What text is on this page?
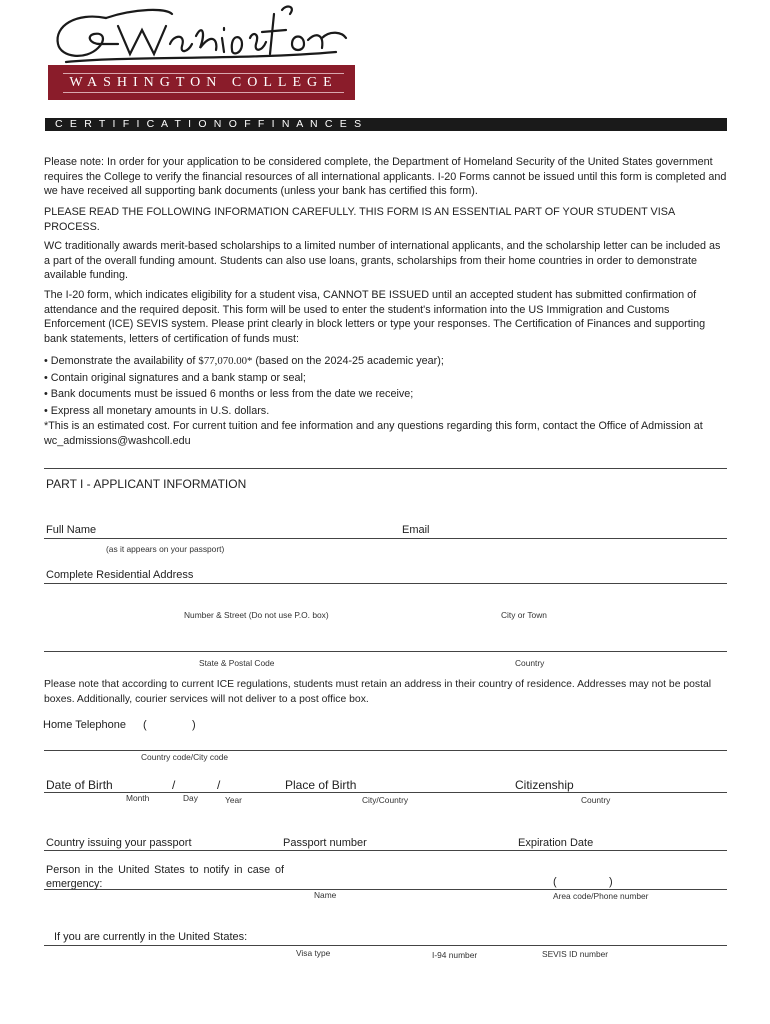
WASHINGTON COLLEGE
C E R T I F I C A T I O N O F F I N A N C E S
Please note: In order for your application to be considered complete, the Department of Homeland Security of the United States government requires the College to verify the financial resources of all international applicants. I-20 Forms cannot be issued until this form is completed and we have received all supporting bank documents (unless your bank has certified this form).
PLEASE READ THE FOLLOWING INFORMATION CAREFULLY. THIS FORM IS AN ESSENTIAL PART OF YOUR STUDENT VISA PROCESS.
WC traditionally awards merit-based scholarships to a limited number of international applicants, and the scholarship letter can be included as a part of the overall funding amount. Students can also use loans, grants, scholarships from their home countries in order to demonstrate available funding.
The I-20 form, which indicates eligibility for a student visa, CANNOT BE ISSUED until an accepted student has submitted confirmation of attendance and the required deposit. This form will be used to enter the student's information into the US Immigration and Customs Enforcement (ICE) SEVIS system. Please print clearly in block letters or type your responses. The Certification of Finances and supporting bank statements, letters of certification of funds must:
• Demonstrate the availability of $77,070.00* (based on the 2024-25 academic year);
• Contain original signatures and a bank stamp or seal;
• Bank documents must be issued 6 months or less from the date we receive;
• Express all monetary amounts in U.S. dollars.
*This is an estimated cost. For current tuition and fee information and any questions regarding this form, contact the Office of Admission at wc_admissions@washcoll.edu
PART I - APPLICANT INFORMATION
Full Name	Email
(as it appears on your passport)
Complete Residential Address
Number & Street (Do not use P.O. box)	City or Town
State & Postal Code	Country
Please note that according to current ICE regulations, students must retain an address in their country of residence. Addresses may not be postal boxes. Additionally, courier services will not deliver to a post office box.
Home Telephone (	)
Country code/City code
Date of Birth	/	/	Place of Birth	Citizenship
Month	Day	Year	City/Country	Country
Country issuing your passport	Passport number	Expiration Date
Person in the United States to notify in case of emergency:	(	)
Name	Area code/Phone number
If you are currently in the United States:
Visa type	I-94 number	SEVIS ID number
